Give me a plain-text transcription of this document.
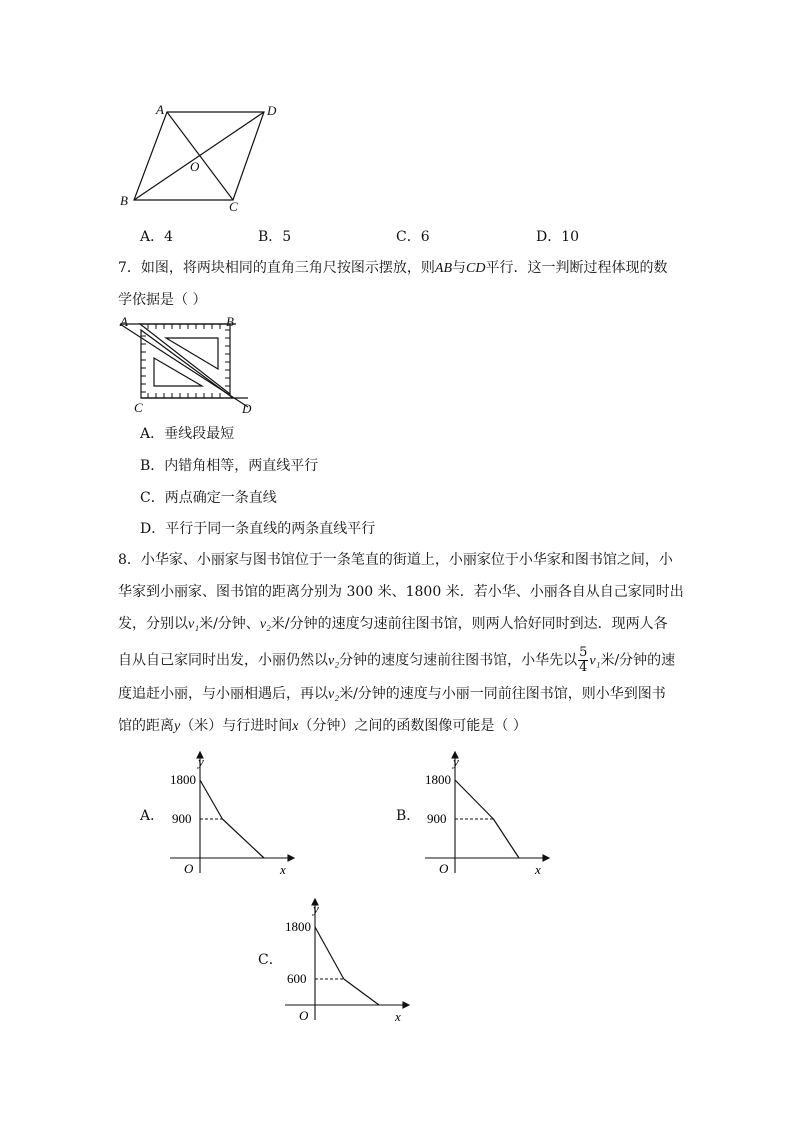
A	D
O
B	C
A．4	B．5	C．6	D．10
7．如图，将两块相同的直角三角尺按图示摆放，则AB与CD平行．这一判断过程体现的数
学依据是（ ）
A	B
C	D
A．垂线段最短
B．内错角相等，两直线平行
C．两点确定一条直线
D．平行于同一条直线的两条直线平行
8．小华家、小丽家与图书馆位于一条笔直的街道上，小丽家位于小华家和图书馆之间，小
华家到小丽家、图书馆的距离分别为 300 米、1800 米．若小华、小丽各自从自己家同时出
发，分别以v₁米/分钟、v₂米/分钟的速度匀速前往图书馆，则两人恰好同时到达．现两人各
自从自己家同时出发，小丽仍然以v₂分钟的速度匀速前往图书馆，小华先以 $\frac{5}{4} v_1$米/分钟的速
度追赶小丽，与小丽相遇后，再以v₂米/分钟的速度与小丽一同前往图书馆，则小华到图书
馆的距离y（米）与行进时间x（分钟）之间的函数图像可能是（ ）
A．
y
x
O
1800
900	B．
y
x
O
1800
900
C．
y
x
O
1800
600
